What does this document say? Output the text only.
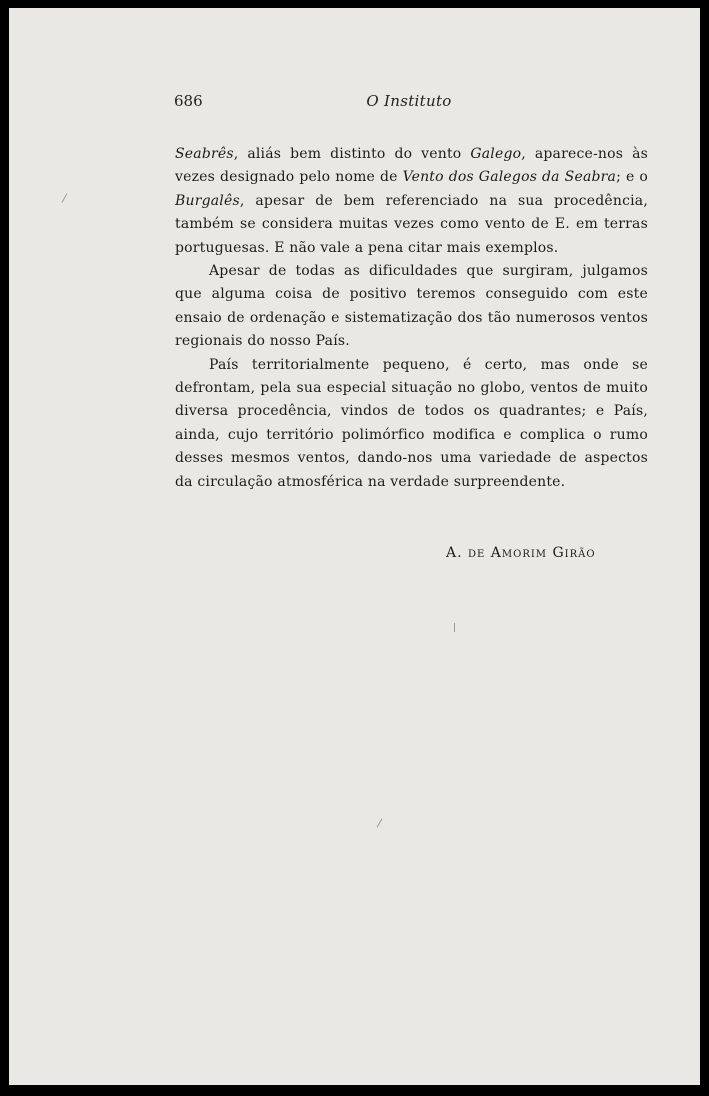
686	O Instituto

Seabrês, aliás bem distinto do vento Galego, aparece-nos às vezes designado pelo nome de Vento dos Galegos da Seabra; e o Burgalês, apesar de bem referenciado na sua procedência, também se considera muitas vezes como vento de E. em terras portuguesas. E não vale a pena citar mais exemplos.

Apesar de todas as dificuldades que surgiram, julgamos que alguma coisa de positivo teremos conseguido com este ensaio de ordenação e sistematização dos tão numerosos ventos regionais do nosso País.

País territorialmente pequeno, é certo, mas onde se defrontam, pela sua especial situação no globo, ventos de muito diversa procedência, vindos de todos os quadrantes; e País, ainda, cujo território polimórfico modifica e complica o rumo desses mesmos ventos, dando-nos uma variedade de aspectos da circulação atmosférica na verdade surpreendente.

A. de Amorim Girão
